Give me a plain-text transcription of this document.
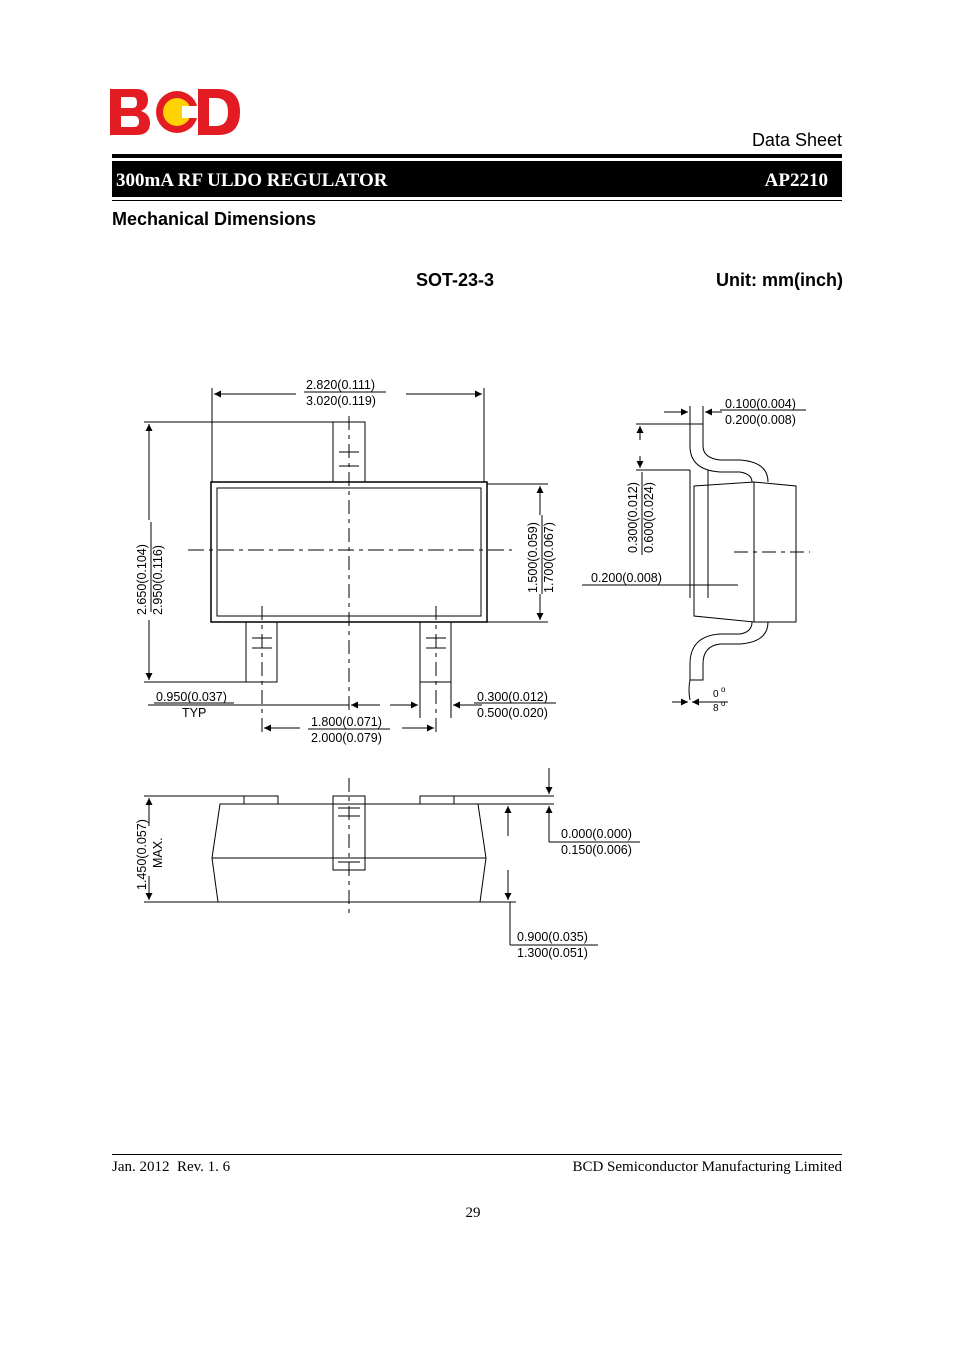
Data Sheet
300mA RF ULDO REGULATOR	AP2210
Mechanical Dimensions
SOT-23-3	Unit: mm(inch)
2.820(0.111)
3.020(0.119)
2.650(0.104) 2.950(0.116)	1.500(0.059) 1.700(0.067)
0.950(0.037)
TYP
1.800(0.071)
2.000(0.079)
0.300(0.012)
0.500(0.020)
0.100(0.004)
0.200(0.008)
0.300(0.012) 0.600(0.024)
0.200(0.008)
0 o
8 o
0.000(0.000)
0.150(0.006)
1.450(0.057) MAX.
0.900(0.035)
1.300(0.051)
Jan. 2012  Rev. 1. 6	BCD Semiconductor Manufacturing Limited
29
